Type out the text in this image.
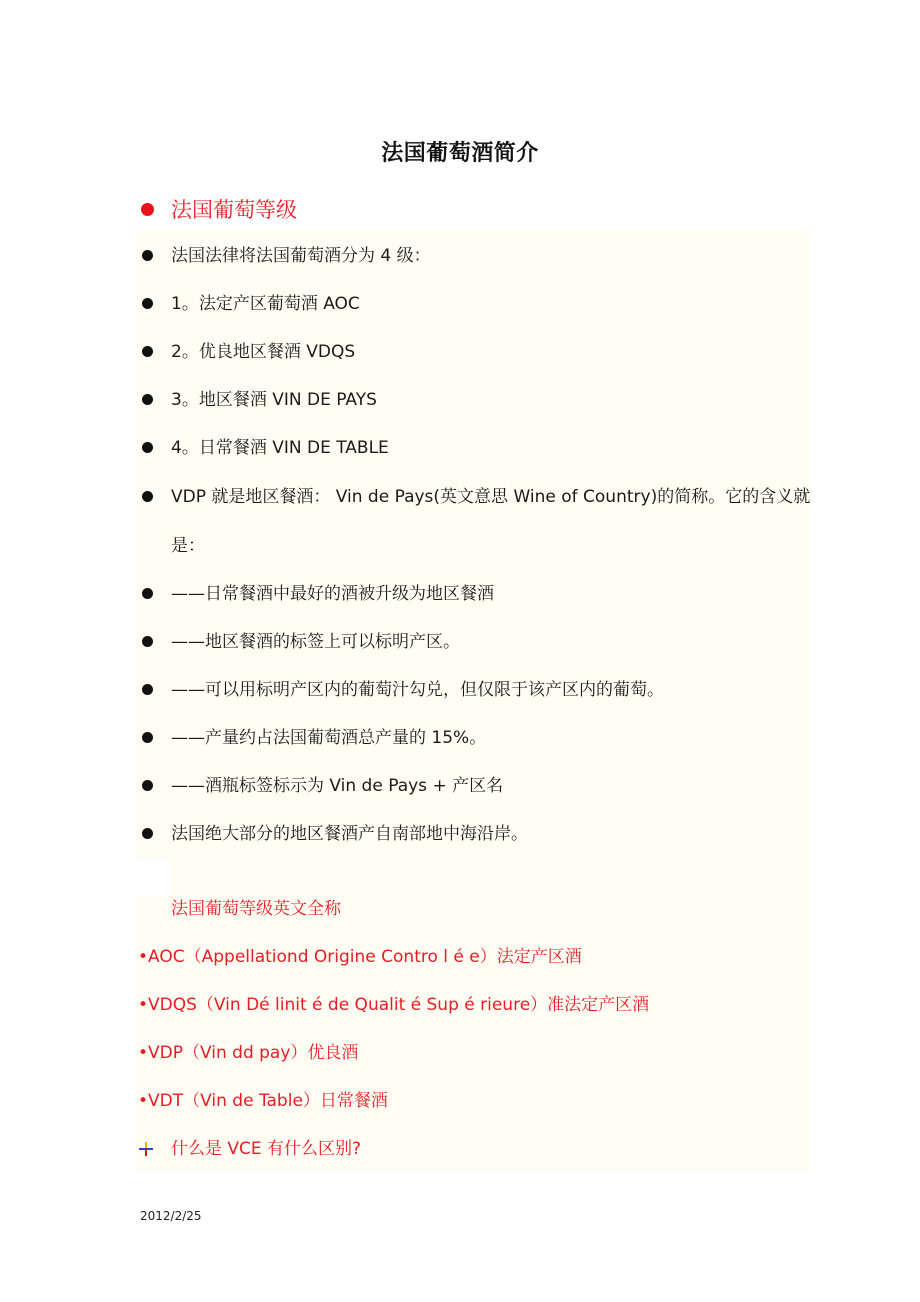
法国葡萄酒简介
法国葡萄等级
法国法律将法国葡萄酒分为 4 级：
1。法定产区葡萄酒 AOC
2。优良地区餐酒 VDQS
3。地区餐酒 VIN DE PAYS
4。日常餐酒 VIN DE TABLE
VDP 就是地区餐酒： Vin de Pays(英文意思 Wine of Country)的简称。它的含义就是：
——日常餐酒中最好的酒被升级为地区餐酒
——地区餐酒的标签上可以标明产区。
——可以用标明产区内的葡萄汁勾兑，但仅限于该产区内的葡萄。
——产量约占法国葡萄酒总产量的 15%。
——酒瓶标签标示为 Vin de Pays + 产区名
法国绝大部分的地区餐酒产自南部地中海沿岸。
法国葡萄等级英文全称
•AOC（Appellationd Origine Contro l é e）法定产区酒
•VDQS（Vin Dé linit é de Qualit é Sup é rieure）准法定产区酒
•VDP（Vin dd pay）优良酒
•VDT（Vin de Table）日常餐酒
什么是 VCE 有什么区别?
2012/2/25
